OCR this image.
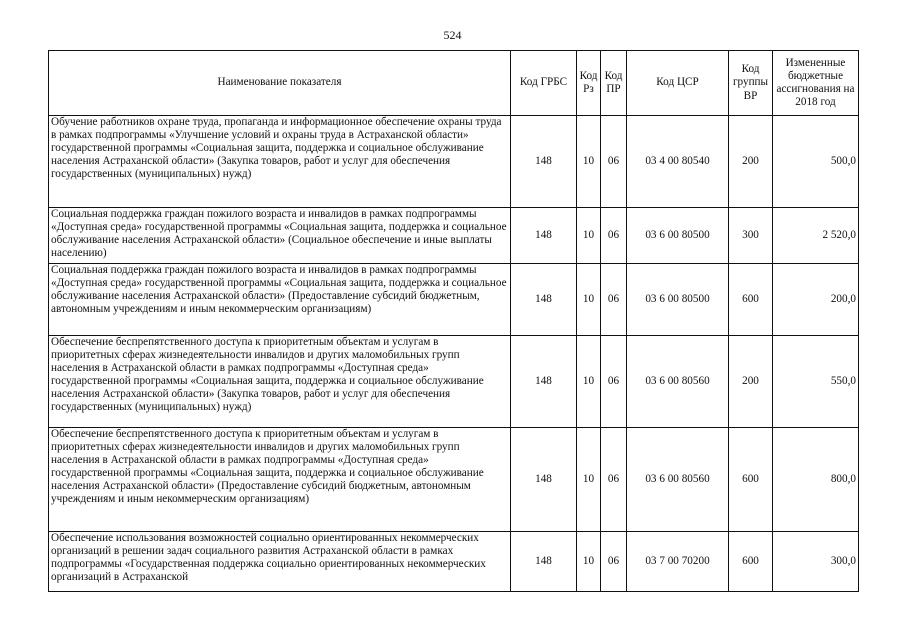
524
Наименование показателя	Код ГРБС	Код Рз	Код ПР	Код ЦСР	Код группы ВР	Измененные бюджетные ассигнования на 2018 год

Обучение работников охране труда, пропаганда и информационное обеспечение охраны труда в рамках подпрограммы «Улучшение условий и охраны труда в Астраханской области» государственной программы «Социальная защита, поддержка и социальное обслуживание населения Астраханской области» (Закупка товаров, работ и услуг для обеспечения государственных (муниципальных) нужд)	148	10	06	03 4 00 80540	200	500,0
Социальная поддержка граждан пожилого возраста и инвалидов в рамках подпрограммы «Доступная среда» государственной программы «Социальная защита, поддержка и социальное обслуживание населения Астраханской области» (Социальное обеспечение и иные выплаты населению)	148	10	06	03 6 00 80500	300	2 520,0
Социальная поддержка граждан пожилого возраста и инвалидов в рамках подпрограммы «Доступная среда» государственной программы «Социальная защита, поддержка и социальное обслуживание населения Астраханской области» (Предоставление субсидий бюджетным, автономным учреждениям и иным некоммерческим организациям)	148	10	06	03 6 00 80500	600	200,0
Обеспечение беспрепятственного доступа к приоритетным объектам и услугам в приоритетных сферах жизнедеятельности инвалидов и других маломобильных групп населения в Астраханской области в рамках подпрограммы «Доступная среда» государственной программы «Социальная защита, поддержка и социальное обслуживание населения Астраханской области» (Закупка товаров, работ и услуг для обеспечения государственных (муниципальных) нужд)	148	10	06	03 6 00 80560	200	550,0
Обеспечение беспрепятственного доступа к приоритетным объектам и услугам в приоритетных сферах жизнедеятельности инвалидов и других маломобильных групп населения в Астраханской области в рамках подпрограммы «Доступная среда» государственной программы «Социальная защита, поддержка и социальное обслуживание населения Астраханской области» (Предоставление субсидий бюджетным, автономным учреждениям и иным некоммерческим организациям)	148	10	06	03 6 00 80560	600	800,0
Обеспечение использования возможностей социально ориентированных некоммерческих организаций в решении задач социального развития Астраханской области в рамках подпрограммы «Государственная поддержка социально ориентированных некоммерческих организаций в Астраханской	148	10	06	03 7 00 70200	600	300,0
